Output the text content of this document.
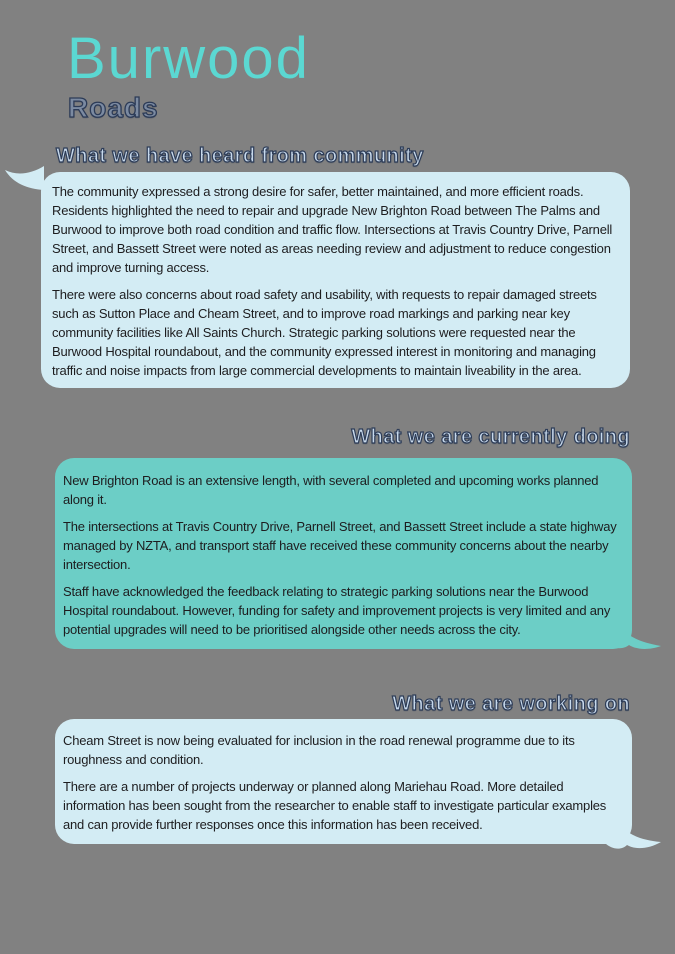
Burwood
Roads
What we have heard from community

The community expressed a strong desire for safer, better maintained, and more efficient roads. Residents highlighted the need to repair and upgrade New Brighton Road between The Palms and Burwood to improve both road condition and traffic flow. Intersections at Travis Country Drive, Parnell Street, and Bassett Street were noted as areas needing review and adjustment to reduce congestion and improve turning access.

There were also concerns about road safety and usability, with requests to repair damaged streets such as Sutton Place and Cheam Street, and to improve road markings and parking near key community facilities like All Saints Church. Strategic parking solutions were requested near the Burwood Hospital roundabout, and the community expressed interest in monitoring and managing traffic and noise impacts from large commercial developments to maintain liveability in the area.

What we are currently doing

New Brighton Road is an extensive length, with several completed and upcoming works planned along it.

The intersections at Travis Country Drive, Parnell Street, and Bassett Street include a state highway managed by NZTA, and transport staff have received these community concerns about the nearby intersection.

Staff have acknowledged the feedback relating to strategic parking solutions near the Burwood Hospital roundabout. However, funding for safety and improvement projects is very limited and any potential upgrades will need to be prioritised alongside other needs across the city.

What we are working on

Cheam Street is now being evaluated for inclusion in the road renewal programme due to its roughness and condition.

There are a number of projects underway or planned along Mariehau Road. More detailed information has been sought from the researcher to enable staff to investigate particular examples and can provide further responses once this information has been received.
